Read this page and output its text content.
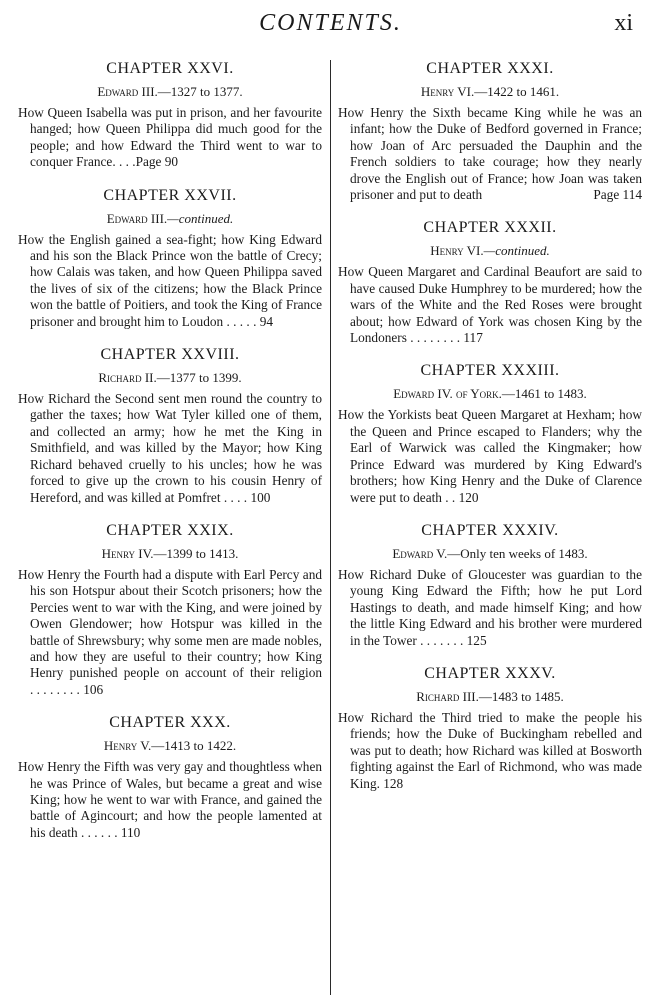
CONTENTS.	xi
CHAPTER XXVI.
Edward III.—1327 to 1377.

How Queen Isabella was put in prison, and her favourite hanged; how Queen Philippa did much good for the people; and how Edward the Third went to war to conquer France. . . .Page 90

CHAPTER XXVII.
Edward III.—continued.

How the English gained a sea-fight; how King Edward and his son the Black Prince won the battle of Crecy; how Calais was taken, and how Queen Philippa saved the lives of six of the citizens; how the Black Prince won the battle of Poitiers, and took the King of France prisoner and brought him to Loudon . . . . . 94

CHAPTER XXVIII.
Richard II.—1377 to 1399.

How Richard the Second sent men round the country to gather the taxes; how Wat Tyler killed one of them, and collected an army; how he met the King in Smithfield, and was killed by the Mayor; how King Richard behaved cruelly to his uncles; how he was forced to give up the crown to his cousin Henry of Hereford, and was killed at Pomfret . . . . 100

CHAPTER XXIX.
Henry IV.—1399 to 1413.

How Henry the Fourth had a dispute with Earl Percy and his son Hotspur about their Scotch prisoners; how the Percies went to war with the King, and were joined by Owen Glendower; how Hotspur was killed in the battle of Shrewsbury; why some men are made nobles, and how they are useful to their country; how King Henry punished people on account of their religion . . . . . . . . 106

CHAPTER XXX.
Henry V.—1413 to 1422.

How Henry the Fifth was very gay and thoughtless when he was Prince of Wales, but became a great and wise King; how he went to war with France, and gained the battle of Agincourt; and how the people lamented at his death . . . . . . 110

CHAPTER XXXI.
Henry VI.—1422 to 1461.

How Henry the Sixth became King while he was an infant; how the Duke of Bedford governed in France; how Joan of Arc persuaded the Dauphin and the French soldiers to take courage; how they nearly drove the English out of France; how Joan was taken prisoner and put to death	Page 114

CHAPTER XXXII.
Henry VI.—continued.

How Queen Margaret and Cardinal Beaufort are said to have caused Duke Humphrey to be murdered; how the wars of the White and the Red Roses were brought about; how Edward of York was chosen King by the Londoners . . . . . . . . 117

CHAPTER XXXIII.
Edward IV. of York.—1461 to 1483.

How the Yorkists beat Queen Margaret at Hexham; how the Queen and Prince escaped to Flanders; why the Earl of Warwick was called the Kingmaker; how Prince Edward was murdered by King Edward's brothers; how King Henry and the Duke of Clarence were put to death . . 120

CHAPTER XXXIV.
Edward V.—Only ten weeks of 1483.

How Richard Duke of Gloucester was guardian to the young King Edward the Fifth; how he put Lord Hastings to death, and made himself King; and how the little King Edward and his brother were murdered in the Tower . . . . . . . 125

CHAPTER XXXV.
Richard III.—1483 to 1485.

How Richard the Third tried to make the people his friends; how the Duke of Buckingham rebelled and was put to death; how Richard was killed at Bosworth fighting against the Earl of Richmond, who was made King. 128
